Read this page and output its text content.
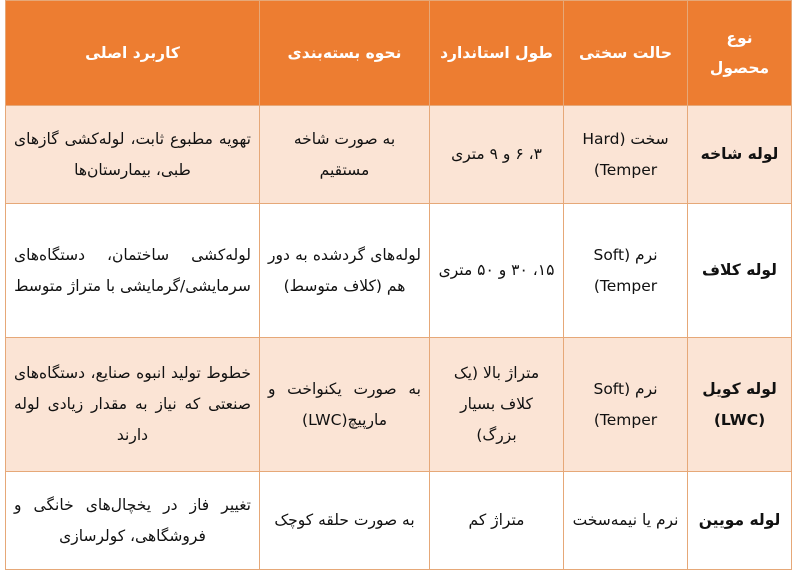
نوع محصول	حالت سختی	طول استاندارد	نحوه بسته‌بندی	کاربرد اصلی
لوله شاخه	سخت (Hard Temper)	۳، ۶ و ۹ متری	به صورت شاخه مستقیم	تهویه مطبوع ثابت، لوله‌کشی گازهای طبی، بیمارستان‌ها
لوله کلاف	نرم (Soft Temper)	۱۵، ۳۰ و ۵۰ متری	لوله‌های گردشده به دور هم (کلاف متوسط)	لوله‌کشی ساختمان، دستگاه‌های سرمایشی/گرمایشی با متراژ متوسط
لوله کویل (LWC)	نرم (Soft Temper)	متراژ بالا (یک کلاف بسیار بزرگ)	به صورت یکنواخت و مارپیچ(LWC)	خطوط تولید انبوه صنایع، دستگاه‌های صنعتی که نیاز به مقدار زیادی لوله دارند
لوله مویین	نرم یا نیمه‌سخت	متراژ کم	به صورت حلقه کوچک	تغییر فاز در یخچال‌های خانگی و فروشگاهی، کولرسازی
